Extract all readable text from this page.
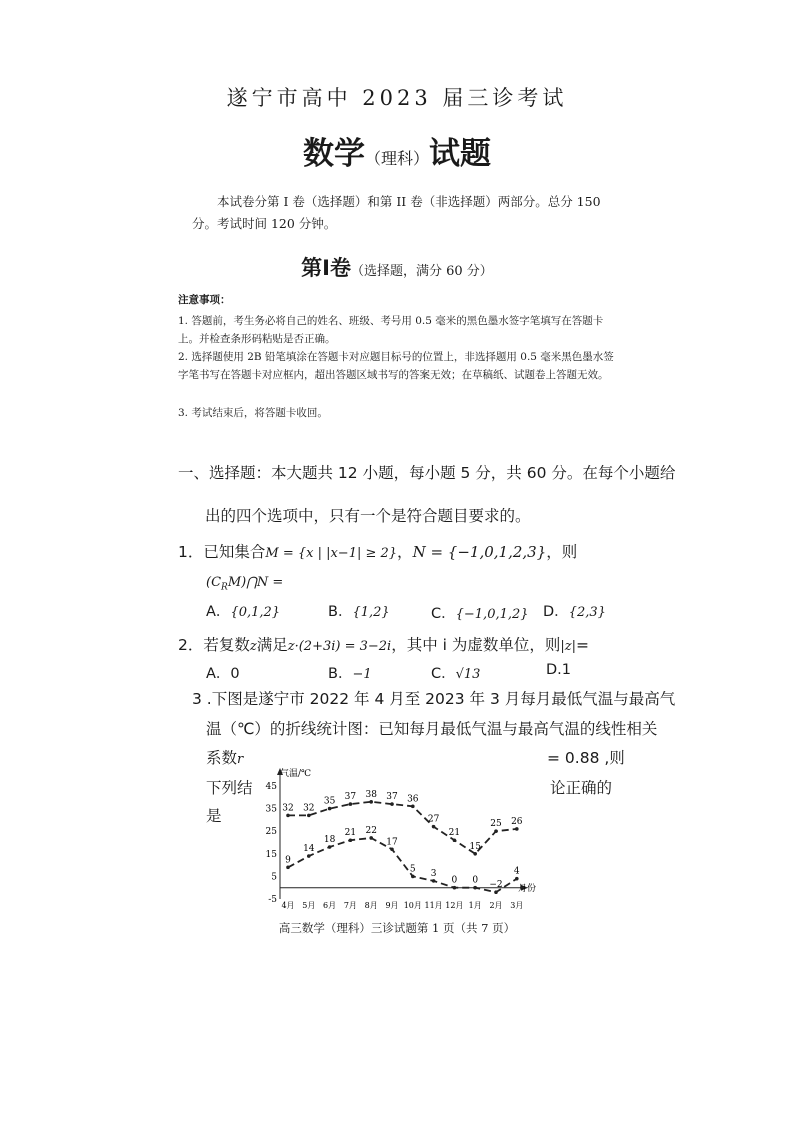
遂宁市高中 2023 届三诊考试
数学（理科）试题
本试卷分第 I 卷（选择题）和第 II 卷（非选择题）两部分。总分 150 分。考试时间 120 分钟。
第Ⅰ卷（选择题，满分 60 分）
注意事项：
1. 答题前，考生务必将自己的姓名、班级、考号用 0.5 毫米的黑色墨水签字笔填写在答题卡上。并检查条形码粘贴是否正确。
2. 选择题使用 2B 铅笔填涂在答题卡对应题目标号的位置上，非选择题用 0.5 毫米黑色墨水签字笔书写在答题卡对应框内，超出答题区域书写的答案无效；在草稿纸、试题卷上答题无效。
3. 考试结束后，将答题卡收回。
一、选择题：本大题共 12 小题，每小题 5 分，共 60 分。在每个小题给
出的四个选项中，只有一个是符合题目要求的。
1．已知集合M = {x | |x−1| ≥ 2}，N = {−1,0,1,2,3}，则
$(C_RM)⋂N$ =
A．{0,1,2}	B．{1,2}	C．{−1,0,1,2} D．{2,3}
2．若复数z满足z·(2+3i) = 3−2i，其中 i 为虚数单位，则|z|=
A．0	B．−1	C．√13	D.1
3 .下图是遂宁市 2022 年 4 月至 2023 年 3 月每月最低气温与最高气
温（℃）的折线统计图：已知每月最低气温与最高气温的线性相关
系数r	= 0.88 ,则
下列结	论正确的
是
-5
5
15
25
35
45
4月 5月 6月 7月 8月 9月 10月 11月 12月 1月 2月 3月
32 32
35 37 38 37 36
27
21
15
25 26
9
14
18
21 22
17
5 3
0 0 −2
4
气温/℃
月份
高三数学（理科）三诊试题第 1 页（共 7 页）
